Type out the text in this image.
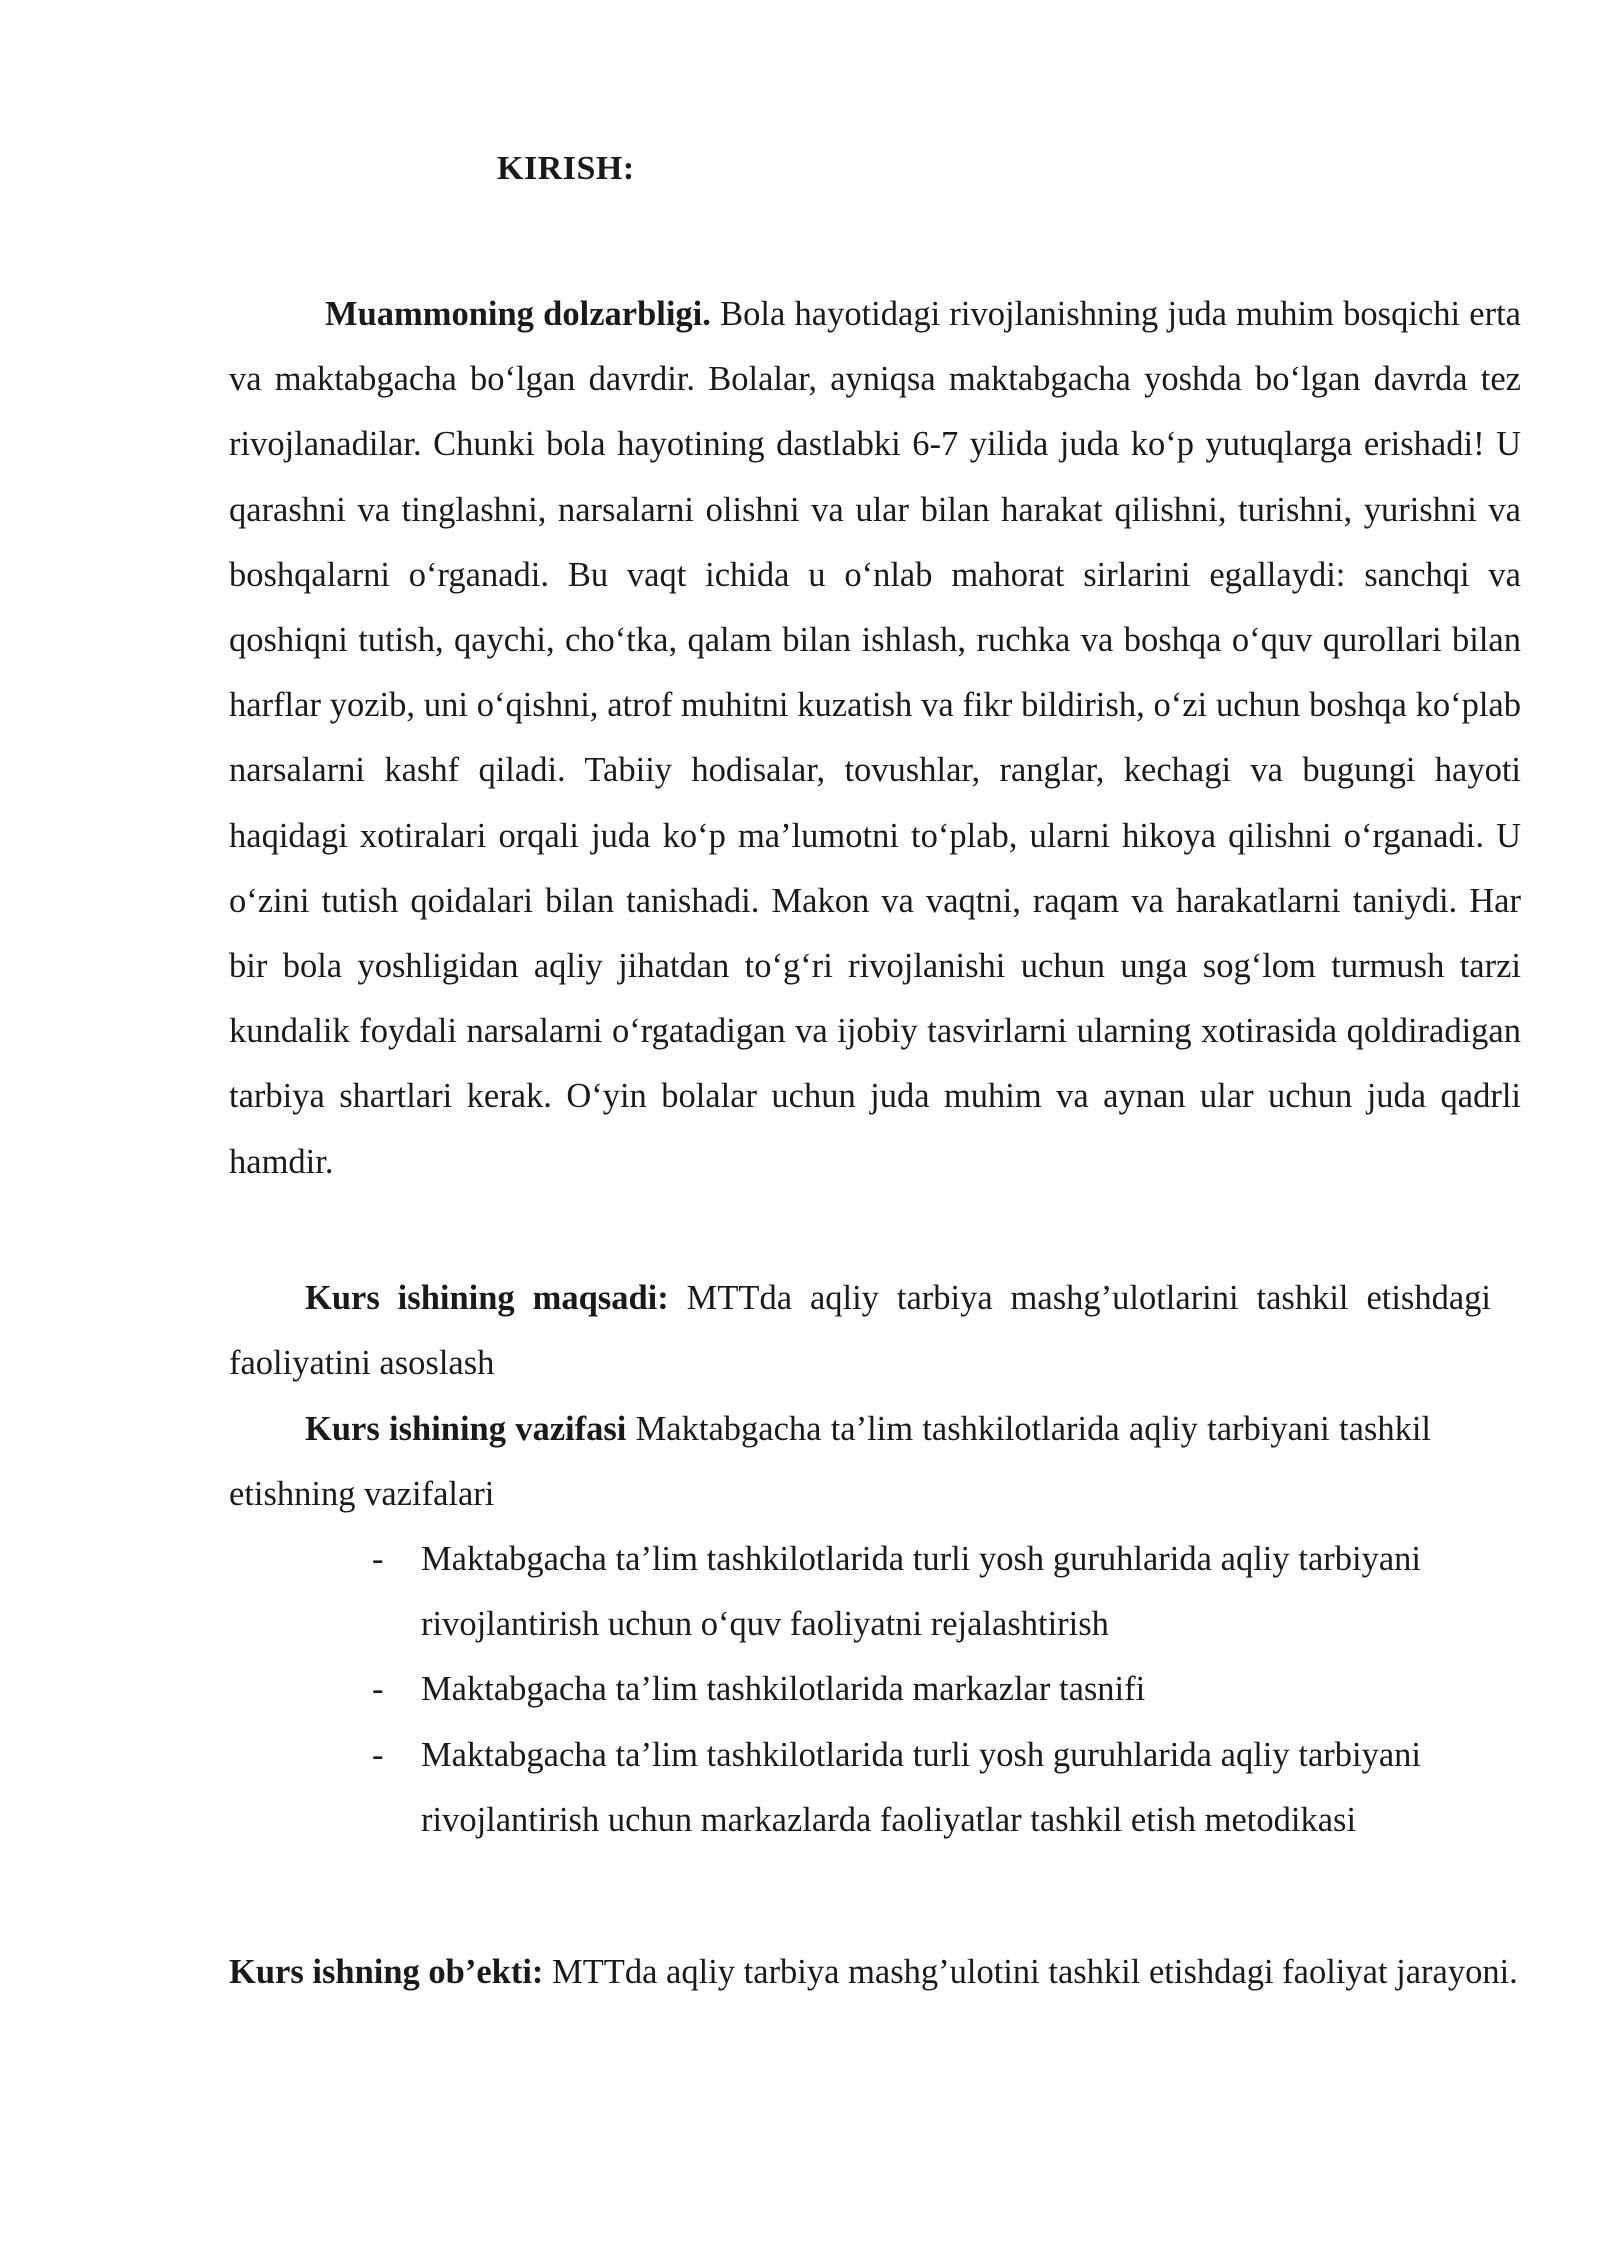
KIRISH:

Muammoning dolzarbligi. Bola hayotidagi rivojlanishning juda muhim bosqichi erta va maktabgacha bo‘lgan davrdir. Bolalar, ayniqsa maktabgacha yoshda bo‘lgan davrda tez rivojlanadilar. Chunki bola hayotining dastlabki 6-7 yilida juda ko‘p yutuqlarga erishadi! U qarashni va tinglashni, narsalarni olishni va ular bilan harakat qilishni, turishni, yurishni va boshqalarni o‘rganadi. Bu vaqt ichida u o‘nlab mahorat sirlarini egallaydi: sanchqi va qoshiqni tutish, qaychi, cho‘tka, qalam bilan ishlash, ruchka va boshqa o‘quv qurollari bilan harflar yozib, uni o‘qishni, atrof muhitni kuzatish va fikr bildirish, o‘zi uchun boshqa ko‘plab narsalarni kashf qiladi. Tabiiy hodisalar, tovushlar, ranglar, kechagi va bugungi hayoti haqidagi xotiralari orqali juda ko‘p ma’lumotni to‘plab, ularni hikoya qilishni o‘rganadi. U o‘zini tutish qoidalari bilan tanishadi. Makon va vaqtni, raqam va harakatlarni taniydi. Har bir bola yoshligidan aqliy jihatdan to‘g‘ri rivojlanishi uchun unga sog‘lom turmush tarzi kundalik foydali narsalarni o‘rgatadigan va ijobiy tasvirlarni ularning xotirasida qoldiradigan tarbiya shartlari kerak. O‘yin bolalar uchun juda muhim va aynan ular uchun juda qadrli hamdir.

Kurs ishining maqsadi: MTTda aqliy tarbiya mashg’ulotlarini tashkil etishdagi faoliyatini asoslash

Kurs ishining vazifasi Maktabgacha ta’lim tashkilotlarida aqliy tarbiyani tashkil etishning vazifalari

- Maktabgacha ta’lim tashkilotlarida turli yosh guruhlarida aqliy tarbiyani rivojlantirish uchun o‘quv faoliyatni rejalashtirish
- Maktabgacha ta’lim tashkilotlarida markazlar tasnifi
- Maktabgacha ta’lim tashkilotlarida turli yosh guruhlarida aqliy tarbiyani rivojlantirish uchun markazlarda faoliyatlar tashkil etish metodikasi

Kurs ishning ob’ekti: MTTda aqliy tarbiya mashg’ulotini tashkil etishdagi faoliyat jarayoni.
